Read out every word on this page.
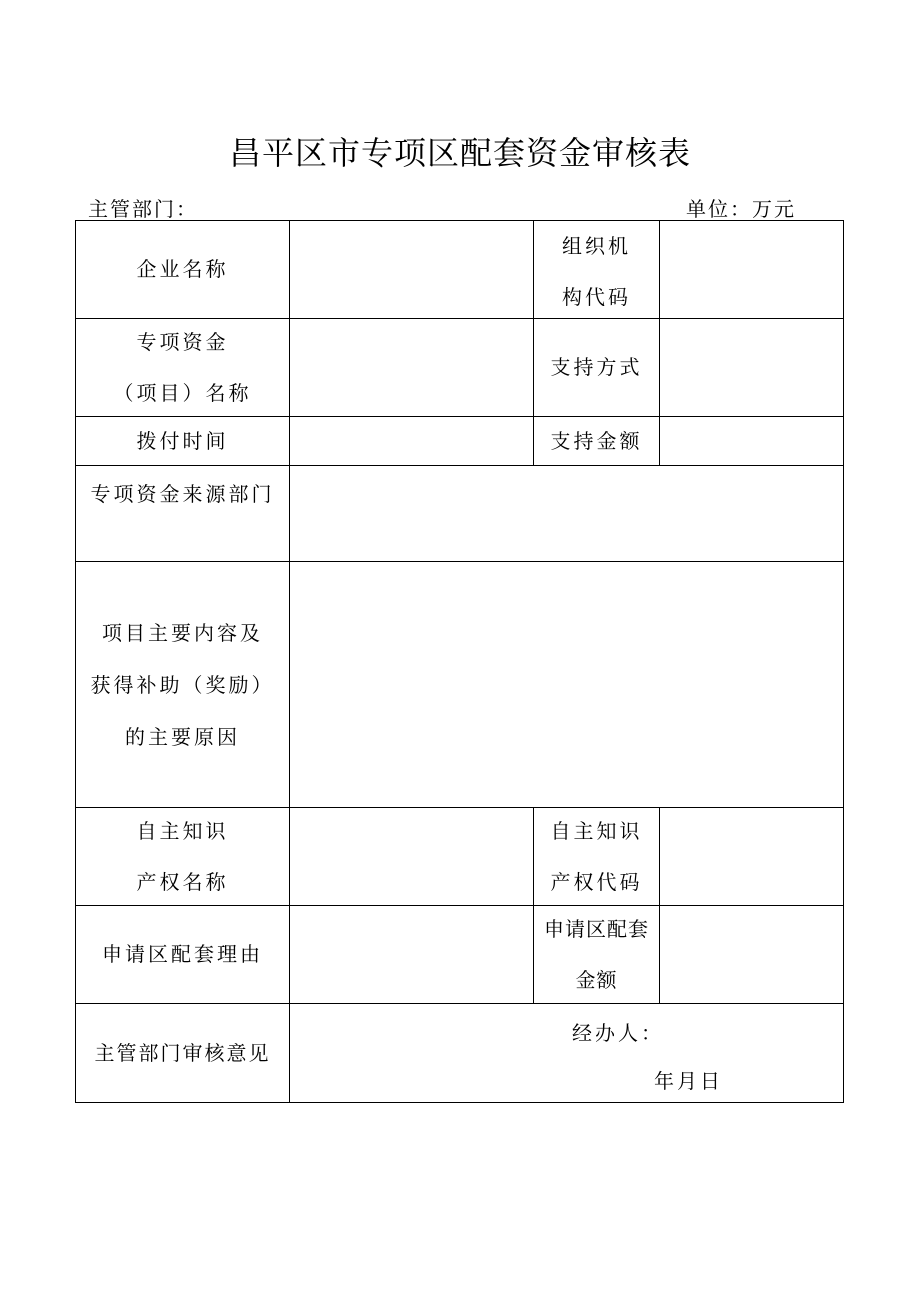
昌平区市专项区配套资金审核表
主管部门：	单位：万元
企业名称
组织机
构代码
专项资金
（项目）名称
支持方式
拨付时间	支持金额
专项资金来源部门
项目主要内容及
获得补助（奖励）
的主要原因
自主知识
产权名称
自主知识
产权代码
申请区配套理由
申请区配套
金额
主管部门审核意见
经办人：
年月日
